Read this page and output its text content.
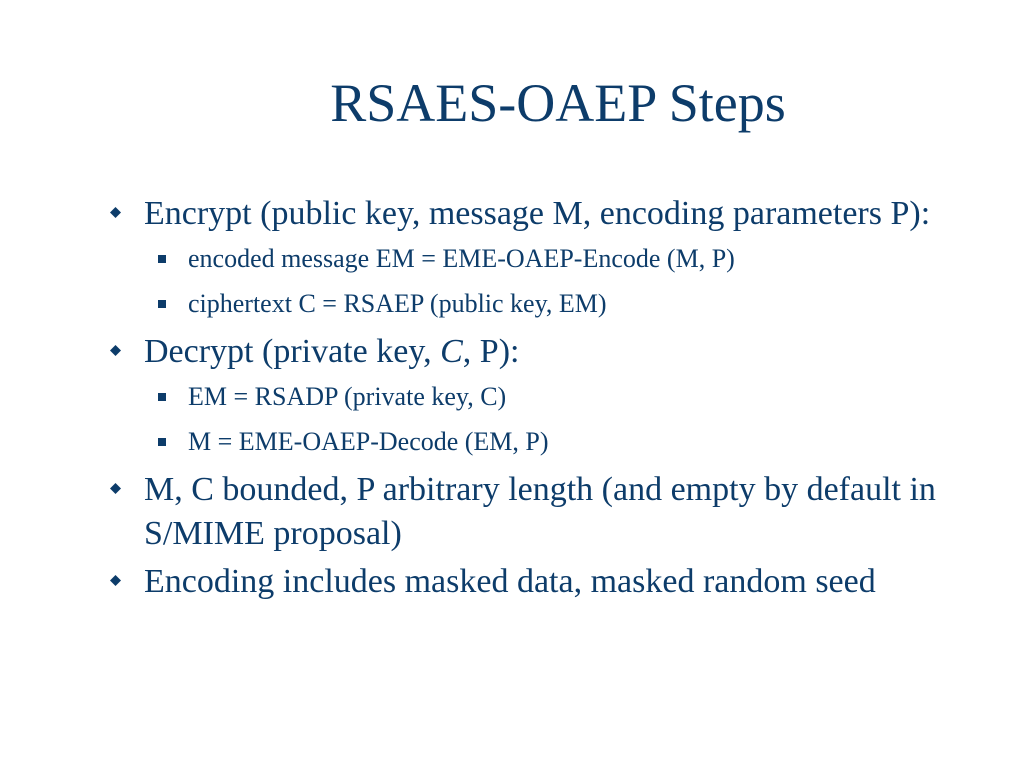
RSAES-OAEP Steps
Encrypt (public key, message M, encoding parameters P):
encoded message EM = EME-OAEP-Encode (M, P)
ciphertext C = RSAEP (public key, EM)
Decrypt (private key, C, P):
EM = RSADP (private key, C)
M = EME-OAEP-Decode (EM, P)
M, C bounded, P arbitrary length (and empty by default in S/MIME proposal)
Encoding includes masked data, masked random seed
